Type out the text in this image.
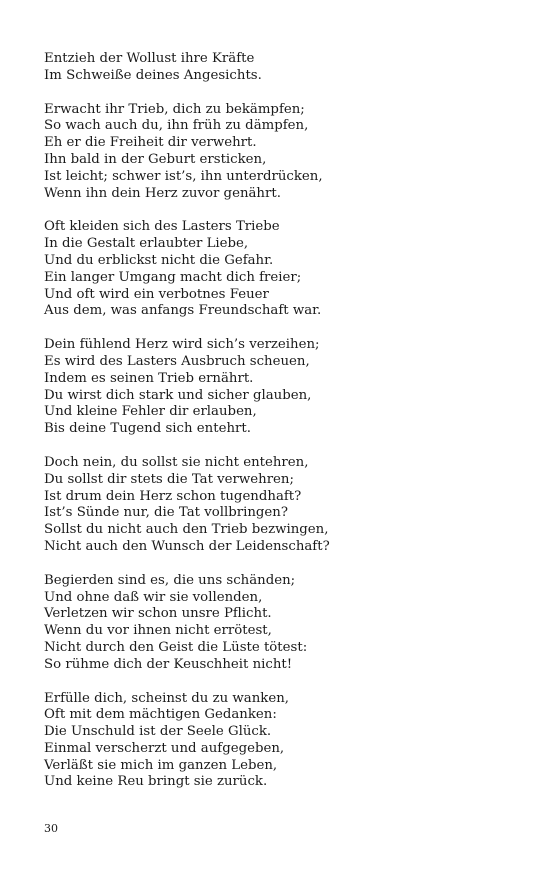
Entzieh der Wollust ihre Kräfte
Im Schweiße deines Angesichts.
Erwacht ihr Trieb, dich zu bekämpfen;
So wach auch du, ihn früh zu dämpfen,
Eh er die Freiheit dir verwehrt.
Ihn bald in der Geburt ersticken,
Ist leicht; schwer ist’s, ihn unterdrücken,
Wenn ihn dein Herz zuvor genährt.
Oft kleiden sich des Lasters Triebe
In die Gestalt erlaubter Liebe,
Und du erblickst nicht die Gefahr.
Ein langer Umgang macht dich freier;
Und oft wird ein verbotnes Feuer
Aus dem, was anfangs Freundschaft war.
Dein fühlend Herz wird sich’s verzeihen;
Es wird des Lasters Ausbruch scheuen,
Indem es seinen Trieb ernährt.
Du wirst dich stark und sicher glauben,
Und kleine Fehler dir erlauben,
Bis deine Tugend sich entehrt.
Doch nein, du sollst sie nicht entehren,
Du sollst dir stets die Tat verwehren;
Ist drum dein Herz schon tugendhaft?
Ist’s Sünde nur, die Tat vollbringen?
Sollst du nicht auch den Trieb bezwingen,
Nicht auch den Wunsch der Leidenschaft?
Begierden sind es, die uns schänden;
Und ohne daß wir sie vollenden,
Verletzen wir schon unsre Pflicht.
Wenn du vor ihnen nicht errötest,
Nicht durch den Geist die Lüste tötest:
So rühme dich der Keuschheit nicht!
Erfülle dich, scheinst du zu wanken,
Oft mit dem mächtigen Gedanken:
Die Unschuld ist der Seele Glück.
Einmal verscherzt und aufgegeben,
Verläßt sie mich im ganzen Leben,
Und keine Reu bringt sie zurück.
30
